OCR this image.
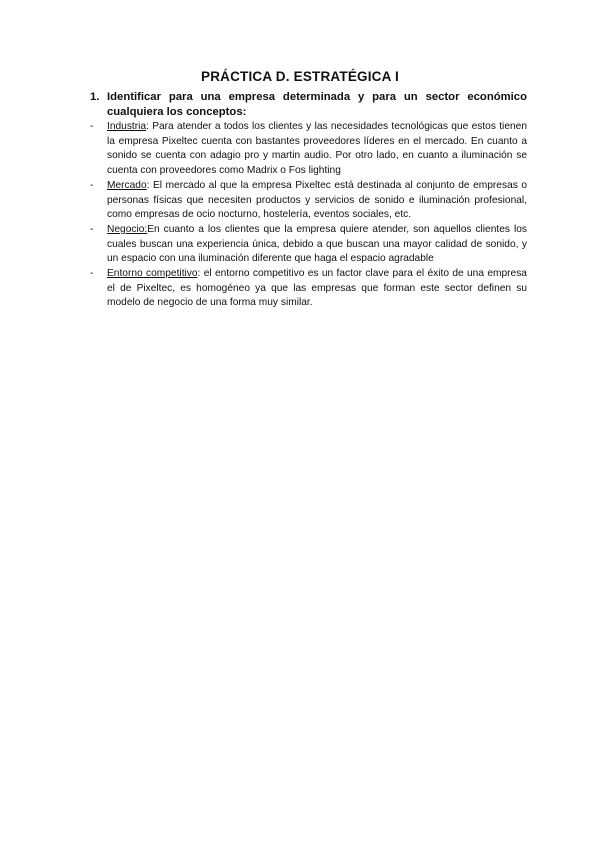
PRÁCTICA D. ESTRATÉGICA I
1. Identificar para una empresa determinada y para un sector económico cualquiera los conceptos:
- Industria: Para atender a todos los clientes y las necesidades tecnológicas que estos tienen la empresa Pixeltec cuenta con bastantes proveedores líderes en el mercado. En cuanto a sonido se cuenta con adagio pro y martin audio. Por otro lado, en cuanto a iluminación se cuenta con proveedores como Madrix o Fos lighting
- Mercado: El mercado al que la empresa Pixeltec está destinada al conjunto de empresas o personas físicas que necesiten productos y servicios de sonido e iluminación profesional, como empresas de ocio nocturno, hostelería, eventos sociales, etc.
- Negocio:En cuanto a los clientes que la empresa quiere atender, son aquellos clientes los cuales buscan una experiencia única, debido a que buscan una mayor calidad de sonido, y un espacio con una iluminación diferente que haga el espacio agradable
- Entorno competitivo: el entorno competitivo es un factor clave para el éxito de una empresa el de Pixeltec, es homogéneo ya que las empresas que forman este sector definen su modelo de negocio de una forma muy similar.
